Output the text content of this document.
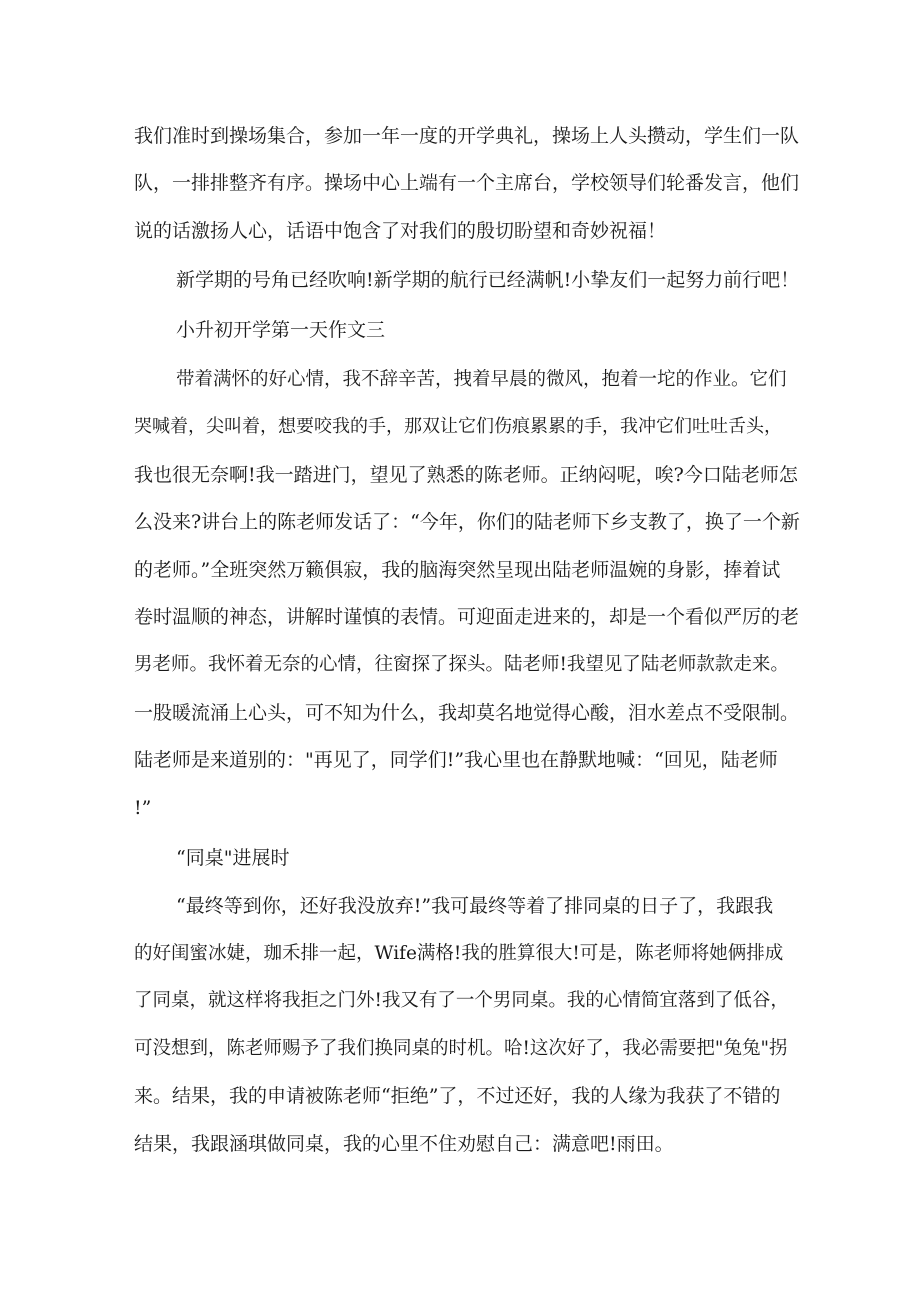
我们准时到操场集合，参加一年一度的开学典礼，操场上人头攒动，学生们一队

队，一排排整齐有序。操场中心上端有一个主席台，学校领导们轮番发言，他们

说的话激扬人心，话语中饱含了对我们的殷切盼望和奇妙祝福！

新学期的号角已经吹响!新学期的航行已经满帆!小挚友们一起努力前行吧！

小升初开学第一天作文三

带着满怀的好心情，我不辞辛苦，拽着早晨的微风，抱着一坨的作业。它们

哭喊着，尖叫着，想要咬我的手，那双让它们伤痕累累的手，我冲它们吐吐舌头，

我也很无奈啊!我一踏进门，望见了熟悉的陈老师。正纳闷呢，唉?今口陆老师怎

么没来?讲台上的陈老师发话了：“今年，你们的陆老师下乡支教了，换了一个新

的老师。”全班突然万籁俱寂，我的脑海突然呈现出陆老师温婉的身影，捧着试

卷时温顺的神态，讲解时谨慎的表情。可迎面走进来的，却是一个看似严厉的老

男老师。我怀着无奈的心情，往窗探了探头。陆老师!我望见了陆老师款款走来。

一股暖流涌上心头，可不知为什么，我却莫名地觉得心酸，泪水差点不受限制。

陆老师是来道别的："再见了，同学们!”我心里也在静默地喊：“回见，陆老师

!”

“同桌"进展时

“最终等到你，还好我没放弃!”我可最终等着了排同桌的日子了，我跟我

的好闺蜜冰婕，珈禾排一起，Wife满格!我的胜算很大!可是，陈老师将她俩排成

了同桌，就这样将我拒之门外!我又有了一个男同桌。我的心情简宜落到了低谷，

可没想到，陈老师赐予了我们换同桌的时机。哈!这次好了，我必需要把"兔兔"拐

来。结果，我的申请被陈老师“拒绝”了，不过还好，我的人缘为我获了不错的

结果，我跟涵琪做同桌，我的心里不住劝慰自己：满意吧!雨田。
